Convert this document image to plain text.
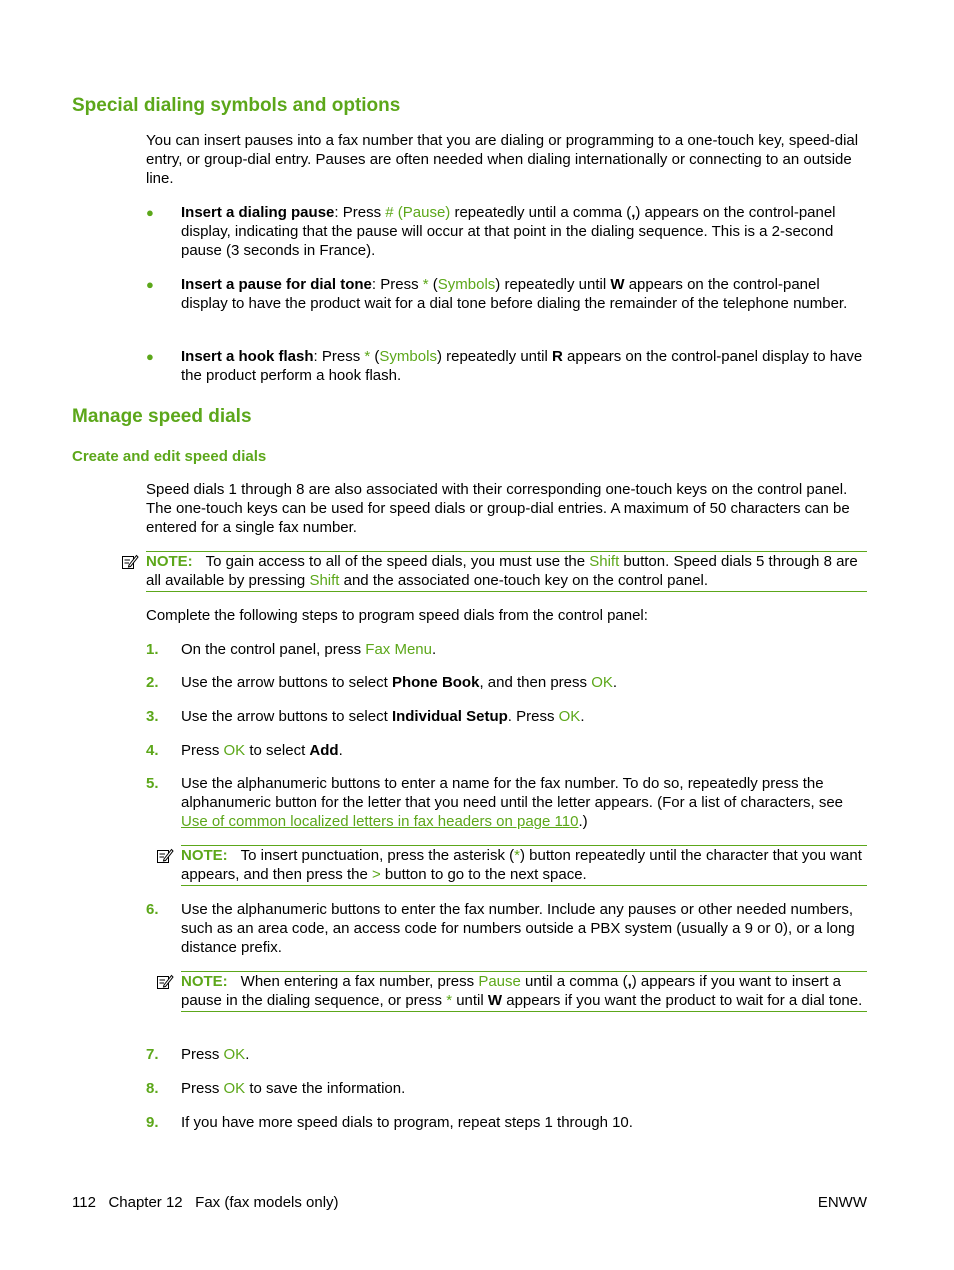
Special dialing symbols and options

You can insert pauses into a fax number that you are dialing or programming to a one-touch key, speed-dial entry, or group-dial entry. Pauses are often needed when dialing internationally or connecting to an outside line.

● Insert a dialing pause: Press # (Pause) repeatedly until a comma (,) appears on the control-panel display, indicating that the pause will occur at that point in the dialing sequence. This is a 2-second pause (3 seconds in France).

● Insert a pause for dial tone: Press * (Symbols) repeatedly until W appears on the control-panel display to have the product wait for a dial tone before dialing the remainder of the telephone number.

● Insert a hook flash: Press * (Symbols) repeatedly until R appears on the control-panel display to have the product perform a hook flash.

Manage speed dials
Create and edit speed dials

Speed dials 1 through 8 are also associated with their corresponding one-touch keys on the control panel. The one-touch keys can be used for speed dials or group-dial entries. A maximum of 50 characters can be entered for a single fax number.

NOTE: To gain access to all of the speed dials, you must use the Shift button. Speed dials 5 through 8 are all available by pressing Shift and the associated one-touch key on the control panel.

Complete the following steps to program speed dials from the control panel:

1. On the control panel, press Fax Menu.

2. Use the arrow buttons to select Phone Book, and then press OK.

3. Use the arrow buttons to select Individual Setup. Press OK.

4. Press OK to select Add.

5. Use the alphanumeric buttons to enter a name for the fax number. To do so, repeatedly press the alphanumeric button for the letter that you need until the letter appears. (For a list of characters, see Use of common localized letters in fax headers on page 110.)

NOTE: To insert punctuation, press the asterisk (*) button repeatedly until the character that you want appears, and then press the > button to go to the next space.

6. Use the alphanumeric buttons to enter the fax number. Include any pauses or other needed numbers, such as an area code, an access code for numbers outside a PBX system (usually a 9 or 0), or a long distance prefix.

NOTE: When entering a fax number, press Pause until a comma (,) appears if you want to insert a pause in the dialing sequence, or press * until W appears if you want the product to wait for a dial tone.

7. Press OK.

8. Press OK to save the information.

9. If you have more speed dials to program, repeat steps 1 through 10.

112 Chapter 12 Fax (fax models only)	ENWW
